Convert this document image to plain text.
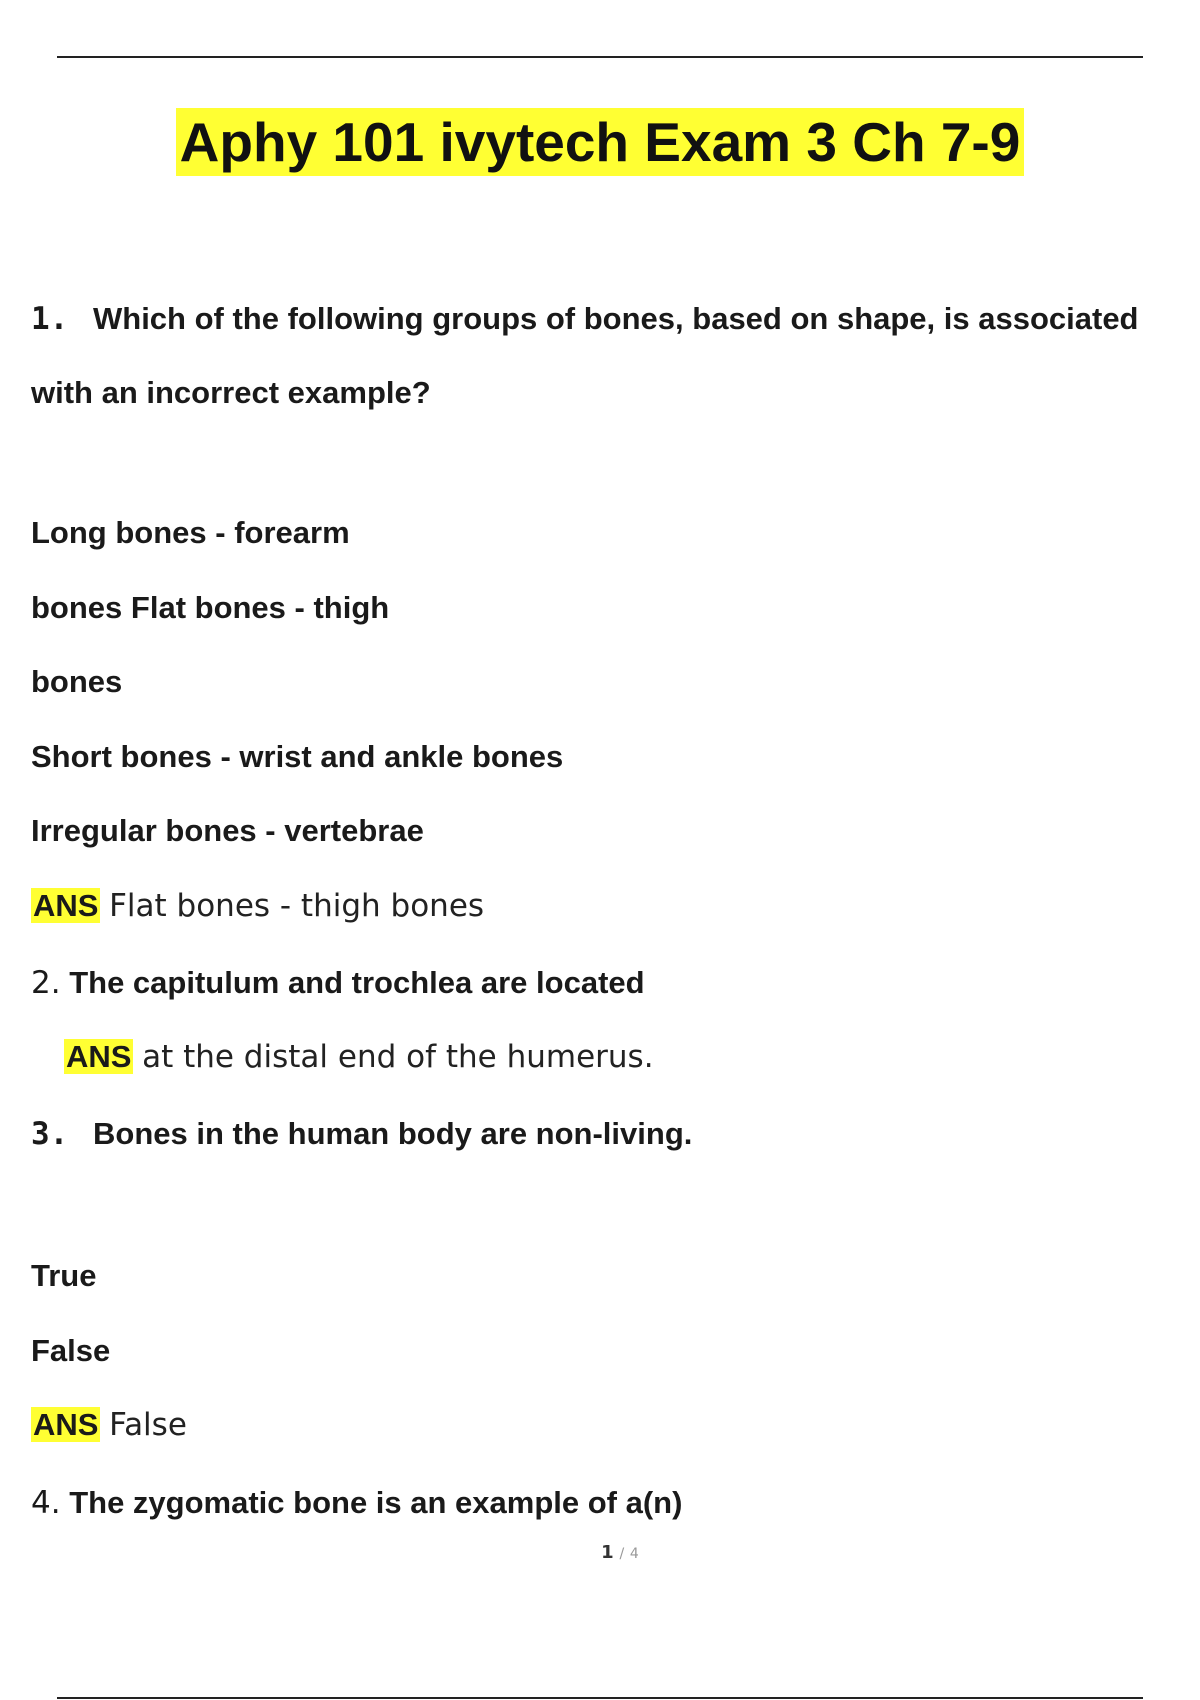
Aphy 101 ivytech Exam 3 Ch 7-9
1. Which of the following groups of bones, based on shape, is associated
with an incorrect example?
Long bones - forearm
bones Flat bones - thigh
bones
Short bones - wrist and ankle bones
Irregular bones - vertebrae
ANS Flat bones - thigh bones
2. The capitulum and trochlea are located
ANS at the distal end of the humerus.
3. Bones in the human body are non-living.
True
False
ANS False
4. The zygomatic bone is an example of a(n)
1 / 4
